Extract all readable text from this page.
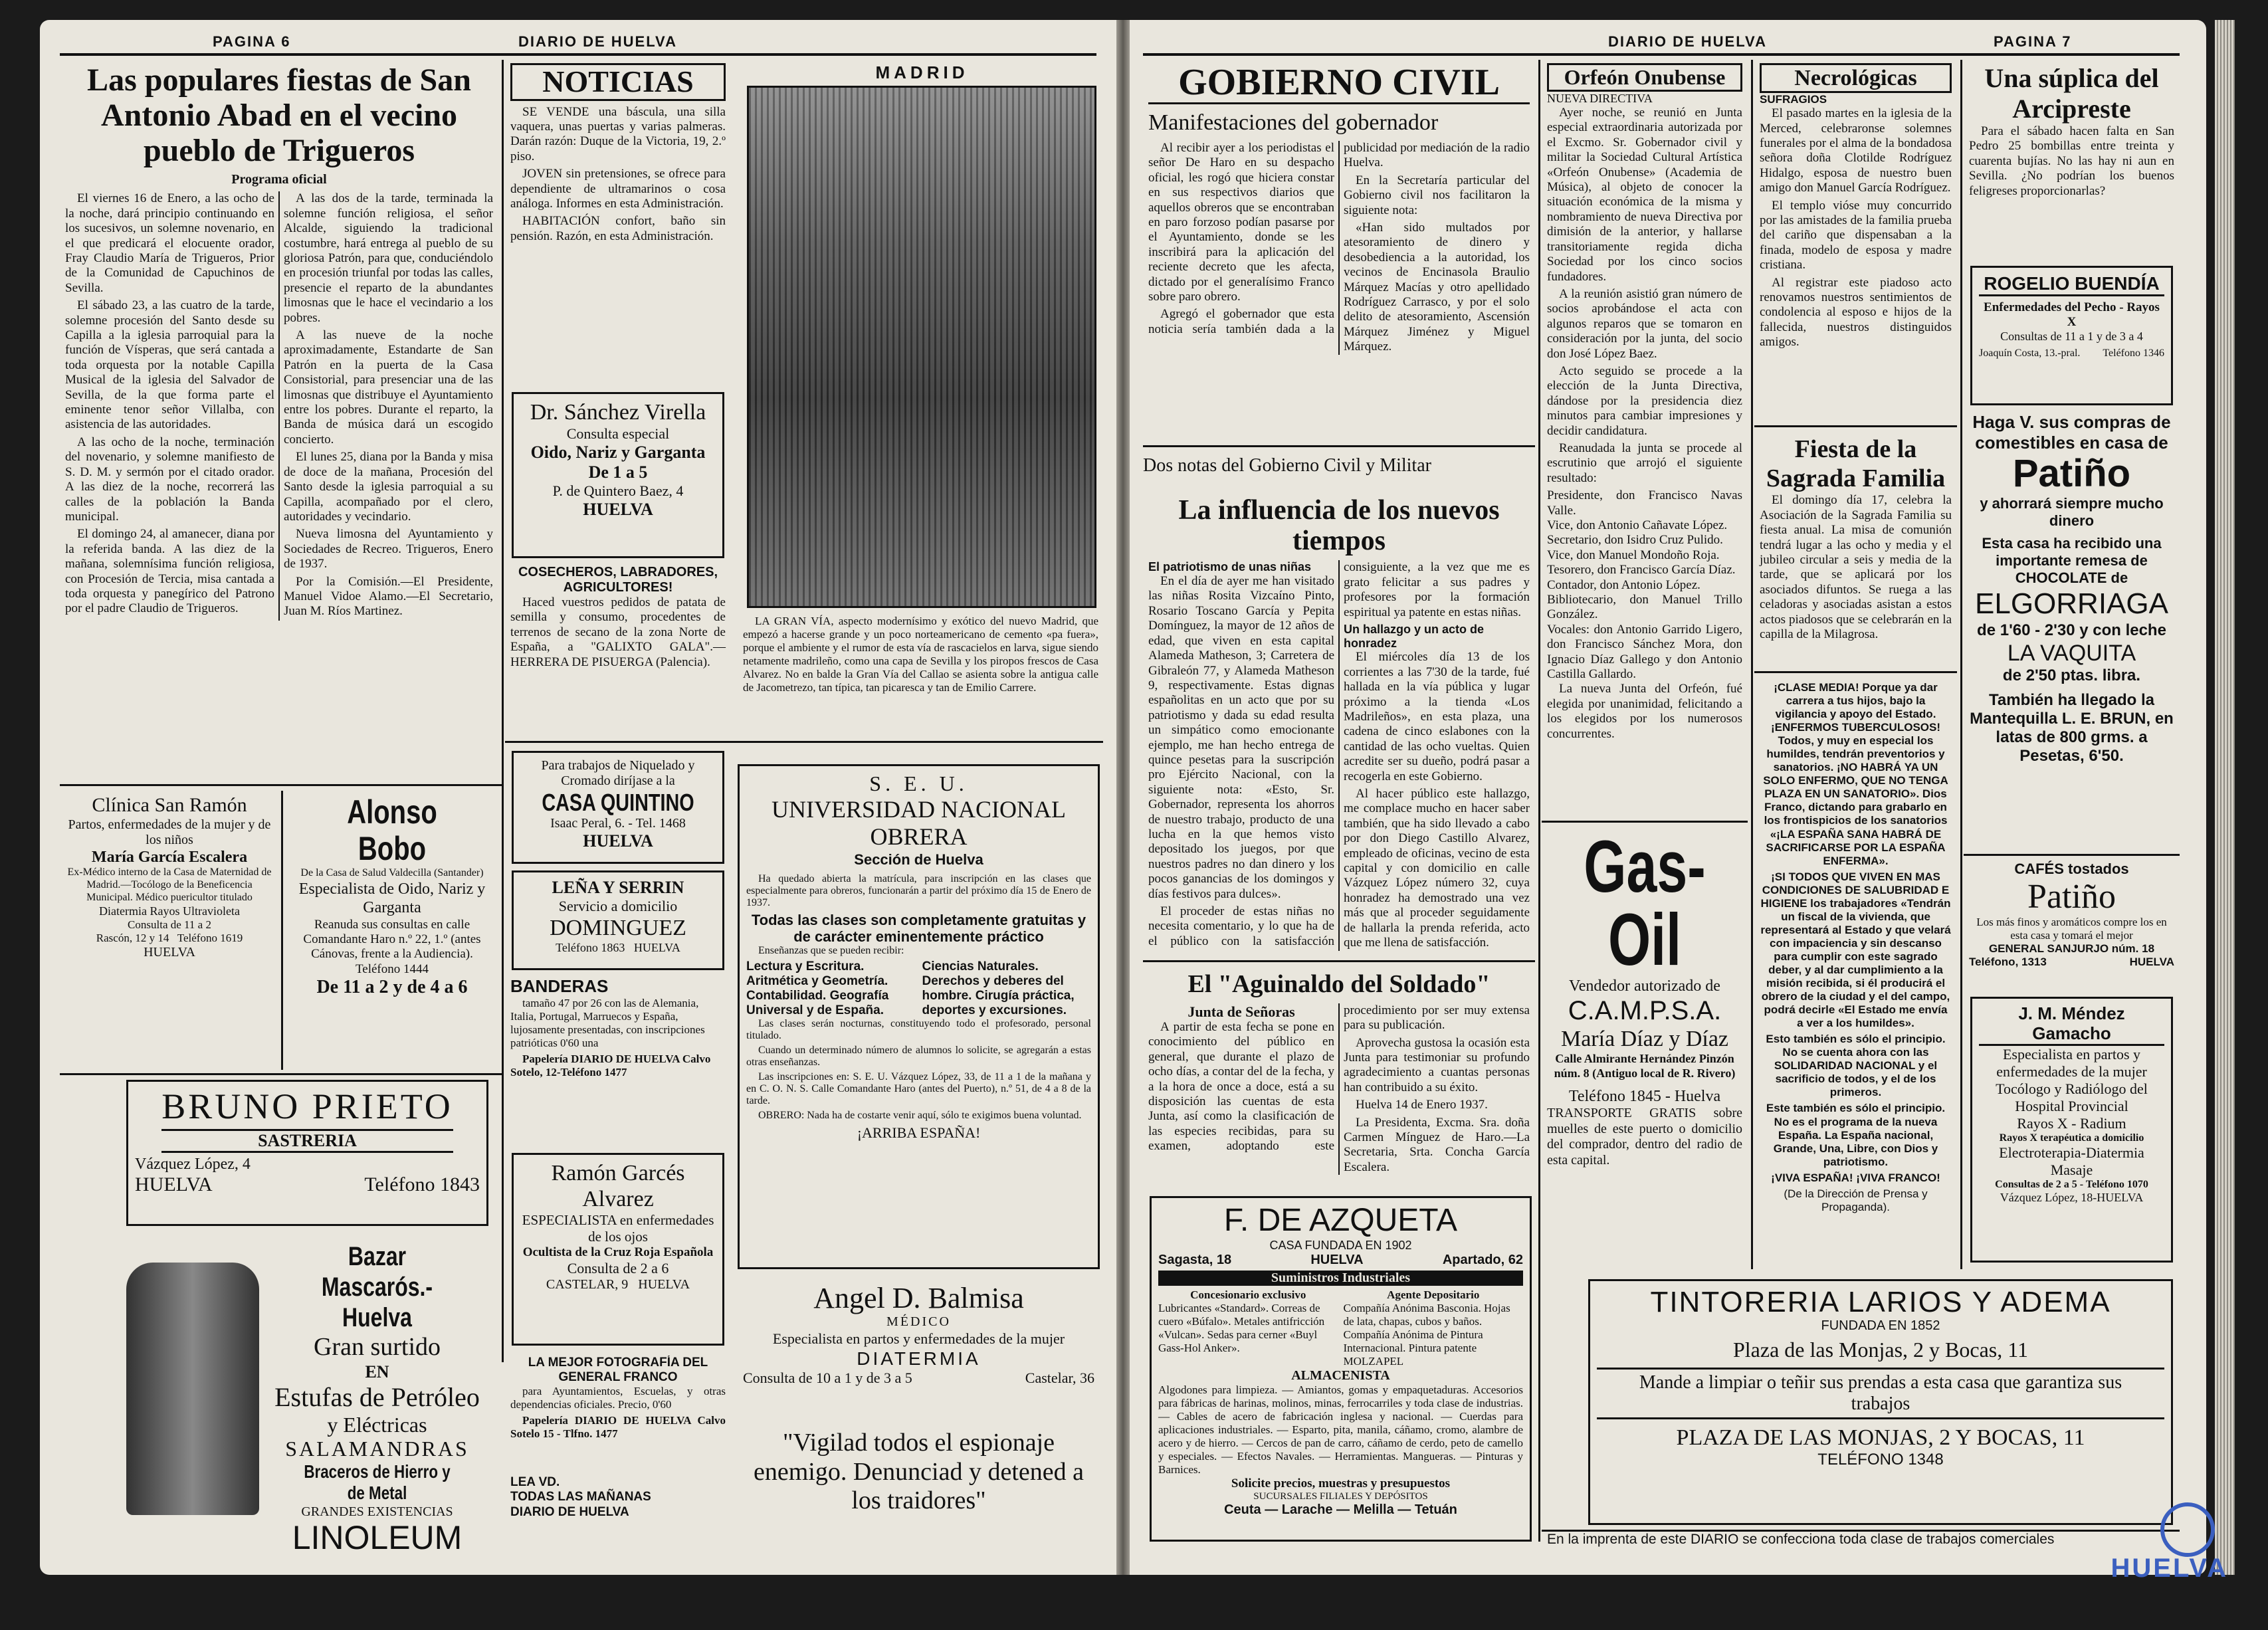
PAGINA 6	DIARIO DE HUELVA
Las populares fiestas de San Antonio Abad en el vecino pueblo de Trigueros
Programa oficial

El viernes 16 de Enero, a las ocho de la noche, dará principio continuando en los sucesivos, un solemne novenario, en el que predicará el elocuente orador, Fray Claudio María de Trigueros, Prior de la Comunidad de Capuchinos de Sevilla.

El sábado 23, a las cuatro de la tarde, solemne procesión del Santo desde su Capilla a la iglesia parroquial para la función de Vísperas, que será cantada a toda orquesta por la notable Capilla Musical de la iglesia del Salvador de Sevilla, de la que forma parte el eminente tenor señor Villalba, con asistencia de las autoridades.

A las ocho de la noche, terminación del novenario, y solemne manifiesto de S. D. M. y sermón por el citado orador. A las diez de la noche, recorrerá las calles de la población la Banda municipal.

El domingo 24, al amanecer, diana por la referida banda. A las diez de la mañana, solemnísima función religiosa, con Procesión de Tercia, misa cantada a toda orquesta y panegírico del Patrono por el padre Claudio de Trigueros.

A las dos de la tarde, terminada la solemne función religiosa, el señor Alcalde, siguiendo la tradicional costumbre, hará entrega al pueblo de su gloriosa Patrón, para que, conduciéndolo en procesión triunfal por todas las calles, presencie el reparto de la abundantes limosnas que le hace el vecindario a los pobres.

A las nueve de la noche aproximadamente, Estandarte de San Patrón en la puerta de la Casa Consistorial, para presenciar una de las limosnas que distribuye el Ayuntamiento entre los pobres. Durante el reparto, la Banda de música dará un escogido concierto.

El lunes 25, diana por la Banda y misa de doce de la mañana, Procesión del Santo desde la iglesia parroquial a su Capilla, acompañado por el clero, autoridades y vecindario.

Nueva limosna del Ayuntamiento y Sociedades de Recreo. Trigueros, Enero de 1937.

Por la Comisión.—El Presidente, Manuel Vidoe Alamo.—El Secretario, Juan M. Ríos Martinez.

NOTICIAS

SE VENDE una báscula, una silla vaquera, unas puertas y varias palmeras. Darán razón: Duque de la Victoria, 19, 2.º piso.

JOVEN sin pretensiones, se ofrece para dependiente de ultramarinos o cosa análoga. Informes en esta Administración.

HABITACIÓN confort, baño sin pensión. Razón, en esta Administración.

Dr. Sánchez Virella
Consulta especial
Oido, Nariz y Garganta
De 1 a 5
P. de Quintero Baez, 4
HUELVA
COSECHEROS, LABRADORES, AGRICULTORES!

Haced vuestros pedidos de patata de semilla y consumo, procedentes de terrenos de secano de la zona Norte de España, a "GALIXTO GALA".—HERRERA DE PISUERGA (Palencia).

MADRID

LA GRAN VÍA, aspecto modernísimo y exótico del nuevo Madrid, que empezó a hacerse grande y un poco norteamericano de cemento «pa fuera», porque el ambiente y el rumor de esta vía de rascacielos en larva, sigue siendo netamente madrileño, como una capa de Sevilla y los piropos frescos de Casa Alvarez. No en balde la Gran Vía del Callao se asienta sobre la antigua calle de Jacometrezo, tan típica, tan picaresca y tan de Emilio Carrere.

Para trabajos de Niquelado y Cromado diríjase a la
CASA QUINTINO
Isaac Peral, 6. - Tel. 1468
HUELVA
LEÑA Y SERRIN
Servicio a domicilio
DOMINGUEZ
Teléfono 1863 HUELVA
BANDERAS

tamaño 47 por 26 con las de Alemania, Italia, Portugal, Marruecos y España, lujosamente presentadas, con inscripciones patrióticas 0'60 una

Papelería DIARIO DE HUELVA Calvo Sotelo, 12-Teléfono 1477

Ramón Garcés Alvarez
ESPECIALISTA en enfermedades de los ojos
Ocultista de la Cruz Roja Española
Consulta de 2 a 6
CASTELAR, 9 HUELVA
LA MEJOR FOTOGRAFÍA DEL GENERAL FRANCO

para Ayuntamientos, Escuelas, y otras dependencias oficiales. Precio, 0'60

Papelería DIARIO DE HUELVA Calvo Sotelo 15 - Tlfno. 1477

LEA VD.
TODAS LAS MAÑANAS
DIARIO DE HUELVA
Clínica San Ramón
Partos, enfermedades de la mujer y de los niños
María García Escalera
Ex-Médico interno de la Casa de Maternidad de Madrid.—Tocólogo de la Beneficencia Municipal. Médico puericultor titulado
Diatermia Rayos Ultravioleta
Consulta de 11 a 2
Rascón, 12 y 14 Teléfono 1619
HUELVA
Alonso Bobo
De la Casa de Salud Valdecilla (Santander)
Especialista de Oido, Nariz y Garganta
Reanuda sus consultas en calle Comandante Haro n.º 22, 1.º (antes Cánovas, frente a la Audiencia). Teléfono 1444
De 11 a 2 y de 4 a 6
BRUNO PRIETO
SASTRERIA
Vázquez López, 4
HUELVA	Teléfono 1843
Bazar Mascarós.-Huelva
Gran surtido
EN
Estufas de Petróleo
y Eléctricas
SALAMANDRAS
Braceros de Hierro y de Metal
GRANDES EXISTENCIAS
LINOLEUM
S. E. U.
UNIVERSIDAD NACIONAL OBRERA
Sección de Huelva

Ha quedado abierta la matrícula, para inscripción en las clases que especialmente para obreros, funcionarán a partir del próximo día 15 de Enero de 1937.

Todas las clases son completamente gratuitas y de carácter eminentemente práctico

Enseñanzas que se pueden recibir:

Lectura y Escritura. Aritmética y Geometría. Contabilidad. Geografía Universal y de España.
Ciencias Naturales. Derechos y deberes del hombre. Cirugía práctica, deportes y excursiones.

Las clases serán nocturnas, constituyendo todo el profesorado, personal titulado.

Cuando un determinado número de alumnos lo solicite, se agregarán a estas otras enseñanzas.

Las inscripciones en: S. E. U. Vázquez López, 33, de 11 a 1 de la mañana y en C. O. N. S. Calle Comandante Haro (antes del Puerto), n.º 51, de 4 a 8 de la tarde.

OBRERO: Nada ha de costarte venir aquí, sólo te exigimos buena voluntad.

¡ARRIBA ESPAÑA!
Angel D. Balmisa
MÉDICO
Especialista en partos y enfermedades de la mujer
DIATERMIA
Consulta de 10 a 1 y de 3 a 5	Castelar, 36
"Vigilad todos el espionaje enemigo. Denunciad y detened a los traidores"
DIARIO DE HUELVA	PAGINA 7
GOBIERNO CIVIL
Manifestaciones del gobernador

Al recibir ayer a los periodistas el señor De Haro en su despacho oficial, les rogó que hiciera constar en sus respectivos diarios que aquellos obreros que se encontraban en paro forzoso podían pasarse por el Ayuntamiento, donde se les inscribirá para la aplicación del reciente decreto que les afecta, dictado por el generalísimo Franco sobre paro obrero.

Agregó el gobernador que esta noticia sería también dada a la publicidad por mediación de la radio Huelva.

En la Secretaría particular del Gobierno civil nos facilitaron la siguiente nota:

«Han sido multados por atesoramiento de dinero y desobediencia a la autoridad, los vecinos de Encinasola Braulio Márquez Macías y otro apellidado Rodríguez Carrasco, y por el solo delito de atesoramiento, Ascensión Márquez Jiménez y Miguel Márquez.

Dos notas del Gobierno Civil y Militar
La influencia de los nuevos tiempos
El patriotismo de unas niñas

En el día de ayer me han visitado las niñas Rosita Vizcaíno Pinto, Rosario Toscano García y Pepita Domínguez, la mayor de 12 años de edad, que viven en esta capital Alameda Matheson, 3; Carretera de Gibraleón 77, y Alameda Matheson 9, respectivamente. Estas dignas españolitas en un acto que por su patriotismo y dada su edad resulta un simpático como emocionante ejemplo, me han hecho entrega de quince pesetas para la suscripción pro Ejército Nacional, con la siguiente nota: «Esto, Sr. Gobernador, representa los ahorros de nuestro trabajo, producto de una lucha en la que hemos visto depositado los juegos, por que nuestros padres no dan dinero y los pocos ganancias de los domingos y días festivos para dulces».

El proceder de estas niñas no necesita comentario, y lo que ha de el público con la satisfacción consiguiente, a la vez que me es grato felicitar a sus padres y profesores por la formación espiritual ya patente en estas niñas.

Un hallazgo y un acto de honradez

El miércoles día 13 de los corrientes a las 7'30 de la tarde, fué hallada en la vía pública y lugar próximo a la tienda «Los Madrileños», en esta plaza, una cadena de cinco eslabones con la cantidad de las ocho vueltas. Quien acredite ser su dueño, podrá pasar a recogerla en este Gobierno.

Al hacer público este hallazgo, me complace mucho en hacer saber también, que ha sido llevado a cabo por don Diego Castillo Alvarez, empleado de oficinas, vecino de esta capital y con domicilio en calle Vázquez López número 32, cuya honradez ha demostrado una vez más que al proceder seguidamente de hallarla la prenda referida, acto que me llena de satisfacción.

El "Aguinaldo del Soldado"
Junta de Señoras

A partir de esta fecha se pone en conocimiento del público en general, que durante el plazo de ocho días, a contar del de la fecha, y a la hora de once a doce, está a su disposición las cuentas de esta Junta, así como la clasificación de las especies recibidas, para su examen, adoptando este procedimiento por ser muy extensa para su publicación.

Aprovecha gustosa la ocasión esta Junta para testimoniar su profundo agradecimiento a cuantas personas han contribuido a su éxito.

Huelva 14 de Enero 1937.

La Presidenta, Excma. Sra. doña Carmen Mínguez de Haro.—La Secretaria, Srta. Concha García Escalera.

F. DE AZQUETA
CASA FUNDADA EN 1902
Sagasta, 18	HUELVA	Apartado, 62
Suministros Industriales
Concesionario exclusivo
Lubricantes «Standard». Correas de cuero «Búfalo». Metales antifricción «Vulcan». Sedas para cerner «Buyl Gass-Hol Anker».
Agente Depositario
Compañía Anónima Basconia. Hojas de lata, chapas, cubos y baños. Compañía Anónima de Pintura Internacional. Pintura patente MOLZAPEL
ALMACENISTA
Algodones para limpieza. — Amiantos, gomas y empaquetaduras. Accesorios para fábricas de harinas, molinos, minas, ferrocarriles y toda clase de industrias. — Cables de acero de fabricación inglesa y nacional. — Cuerdas para aplicaciones industriales. — Esparto, pita, manila, cáñamo, cromo, alambre de acero y de hierro. — Cercos de pan de carro, cáñamo de cerdo, peto de camello y especiales. — Efectos Navales. — Herramientas. Mangueras. — Pinturas y Barnices.
Solicite precios, muestras y presupuestos
SUCURSALES FILIALES Y DEPÓSITOS
Ceuta — Larache — Melilla — Tetuán
Orfeón Onubense
NUEVA DIRECTIVA

Ayer noche, se reunió en Junta especial extraordinaria autorizada por el Excmo. Sr. Gobernador civil y militar la Sociedad Cultural Artística «Orfeón Onubense» (Academia de Música), al objeto de conocer la situación económica de la misma y nombramiento de nueva Directiva por dimisión de la anterior, y hallarse transitoriamente regida dicha Sociedad por los cinco socios fundadores.

A la reunión asistió gran número de socios aprobándose el acta con algunos reparos que se tomaron en consideración por la junta, del socio don José López Baez.

Acto seguido se procede a la elección de la Junta Directiva, dándose por la presidencia diez minutos para cambiar impresiones y decidir candidatura.

Reanudada la junta se procede al escrutinio que arrojó el siguiente resultado:

Presidente, don Francisco Navas Valle.
Vice, don Antonio Cañavate López.
Secretario, don Isidro Cruz Pulido.
Vice, don Manuel Mondoño Roja.
Tesorero, don Francisco García Díaz.
Contador, don Antonio López.
Bibliotecario, don Manuel Trillo González.
Vocales: don Antonio Garrido Ligero, don Francisco Sánchez Mora, don Ignacio Díaz Gallego y don Antonio Castilla Gallardo.

La nueva Junta del Orfeón, fué elegida por unanimidad, felicitando a los elegidos por los numerosos concurrentes.

Gas-Oil
Vendedor autorizado de
C.A.M.P.S.A.
María Díaz y Díaz
Calle Almirante Hernández Pinzón núm. 8 (Antiguo local de R. Rivero)
Teléfono 1845 - Huelva
TRANSPORTE GRATIS sobre muelles de este puerto o domicilio del comprador, dentro del radio de esta capital.
Necrológicas
SUFRAGIOS

El pasado martes en la iglesia de la Merced, celebraronse solemnes funerales por el alma de la bondadosa señora doña Clotilde Rodríguez Hidalgo, esposa de nuestro buen amigo don Manuel García Rodríguez.

El templo vióse muy concurrido por las amistades de la familia prueba del cariño que dispensaban a la finada, modelo de esposa y madre cristiana.

Al registrar este piadoso acto renovamos nuestros sentimientos de condolencia al esposo e hijos de la fallecida, nuestros distinguidos amigos.

Fiesta de la Sagrada Familia

El domingo día 17, celebra la Asociación de la Sagrada Familia su fiesta anual. La misa de comunión tendrá lugar a las ocho y media y el jubileo circular a seis y media de la tarde, que se aplicará por los asociados difuntos. Se ruega a las celadoras y asociadas asistan a estos actos piadosos que se celebrarán en la capilla de la Milagrosa.

¡CLASE MEDIA! Porque ya dar carrera a tus hijos, bajo la vigilancia y apoyo del Estado. ¡ENFERMOS TUBERCULOSOS! Todos, y muy en especial los humildes, tendrán preventorios y sanatorios. ¡NO HABRÁ YA UN SOLO ENFERMO, QUE NO TENGA PLAZA EN UN SANATORIO». Dios Franco, dictando para grabarlo en los frontispicios de los sanatorios «¡LA ESPAÑA SANA HABRÁ DE SACRIFICARSE POR LA ESPAÑA ENFERMA».

¡SI TODOS QUE VIVEN EN MAS CONDICIONES DE SALUBRIDAD E HIGIENE los trabajadores «Tendrán un fiscal de la vivienda, que representará al Estado y que velará con impaciencia y sin descanso para cumplir con este sagrado deber, y al dar cumplimiento a la misión recibida, si él producirá el obrero de la ciudad y el del campo, podrá decirle «El Estado me envía a ver a los humildes».

Esto también es sólo el principio. No se cuenta ahora con las SOLIDARIDAD NACIONAL y el sacrificio de todos, y el de los primeros.

Este también es sólo el principio. No es el programa de la nueva España. La España nacional, Grande, Una, Libre, con Dios y patriotismo.

¡VIVA ESPAÑA! ¡VIVA FRANCO!

(De la Dirección de Prensa y Propaganda).

Una súplica del Arcipreste

Para el sábado hacen falta en San Pedro 25 bombillas entre treinta y cuarenta bujías. No las hay ni aun en Sevilla. ¿No podrían los buenos feligreses proporcionarlas?

ROGELIO BUENDÍA
Enfermedades del Pecho - Rayos X
Consultas de 11 a 1 y de 3 a 4
Joaquín Costa, 13.-pral. Teléfono 1346
Haga V. sus compras de comestibles en casa de
Patiño
y ahorrará siempre mucho dinero
Esta casa ha recibido una importante remesa de CHOCOLATE de
ELGORRIAGA
de 1'60 - 2'30 y con leche
LA VAQUITA
de 2'50 ptas. libra.
También ha llegado la Mantequilla L. E. BRUN, en latas de 800 grms. a Pesetas, 6'50.
CAFÉS tostados
Patiño
Los más finos y aromáticos compre los en esta casa y tomará el mejor
GENERAL SANJURJO núm. 18
Teléfono, 1313	HUELVA
J. M. Méndez Gamacho
Especialista en partos y enfermedades de la mujer
Tocólogo y Radiólogo del Hospital Provincial
Rayos X - Radium
Rayos X terapéutica a domicilio
Electroterapia-Diatermia
Masaje
Consultas de 2 a 5 - Teléfono 1070
Vázquez López, 18-HUELVA
TINTORERIA LARIOS Y ADEMA
FUNDADA EN 1852
Plaza de las Monjas, 2 y Bocas, 11
Mande a limpiar o teñir sus prendas a esta casa que garantiza sus trabajos
PLAZA DE LAS MONJAS, 2 Y BOCAS, 11
TELÉFONO 1348
En la imprenta de este DIARIO se confecciona toda clase de trabajos comerciales
HUELVA
